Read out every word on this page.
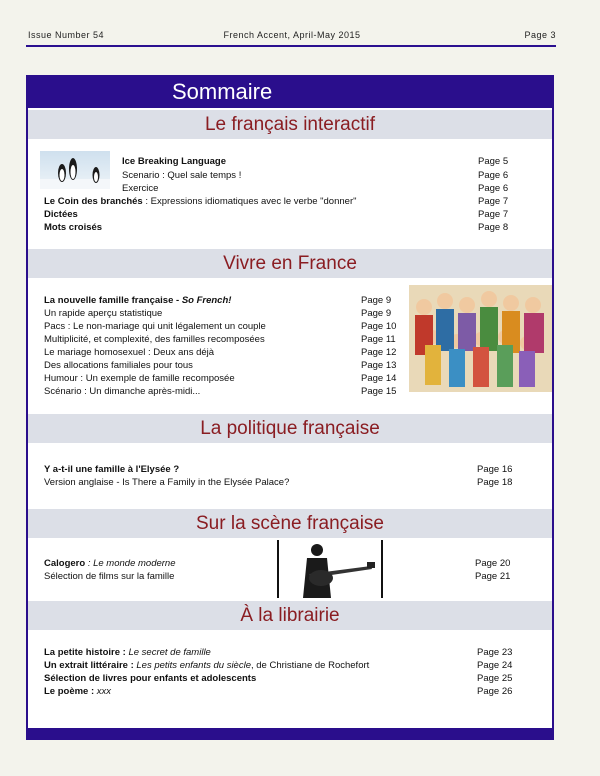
Issue Number 54	French Accent, April-May 2015	Page 3
Sommaire
Le français interactif
Ice Breaking Language	Page 5
Scenario : Quel sale temps !	Page 6
Exercice	Page 6
Le Coin des branchés : Expressions idiomatiques avec le verbe "donner"	Page 7
Dictées	Page 7
Mots croisés	Page 8
Vivre en France
La nouvelle famille française - So French!	Page 9
Un rapide aperçu statistique	Page 9
Pacs : Le non-mariage qui unit légalement un couple	Page 10
Multiplicité, et complexité, des familles recomposées	Page 11
Le mariage homosexuel : Deux ans déjà	Page 12
Des allocations familiales pour tous	Page 13
Humour : Un exemple de famille recomposée	Page 14
Scénario : Un dimanche après-midi...	Page 15
La politique française
Y a-t-il une famille à l'Elysée ?	Page 16
Version anglaise - Is There a Family in the Elysée Palace?	Page 18
Sur la scène française
Calogero : Le monde moderne	Page 20
Sélection de films sur la famille	Page 21
À la librairie
La petite histoire : Le secret de famille	Page 23
Un extrait littéraire : Les petits enfants du siècle, de Christiane de Rochefort	Page 24
Sélection de livres pour enfants et adolescents	Page 25
Le poème : xxx	Page 26
